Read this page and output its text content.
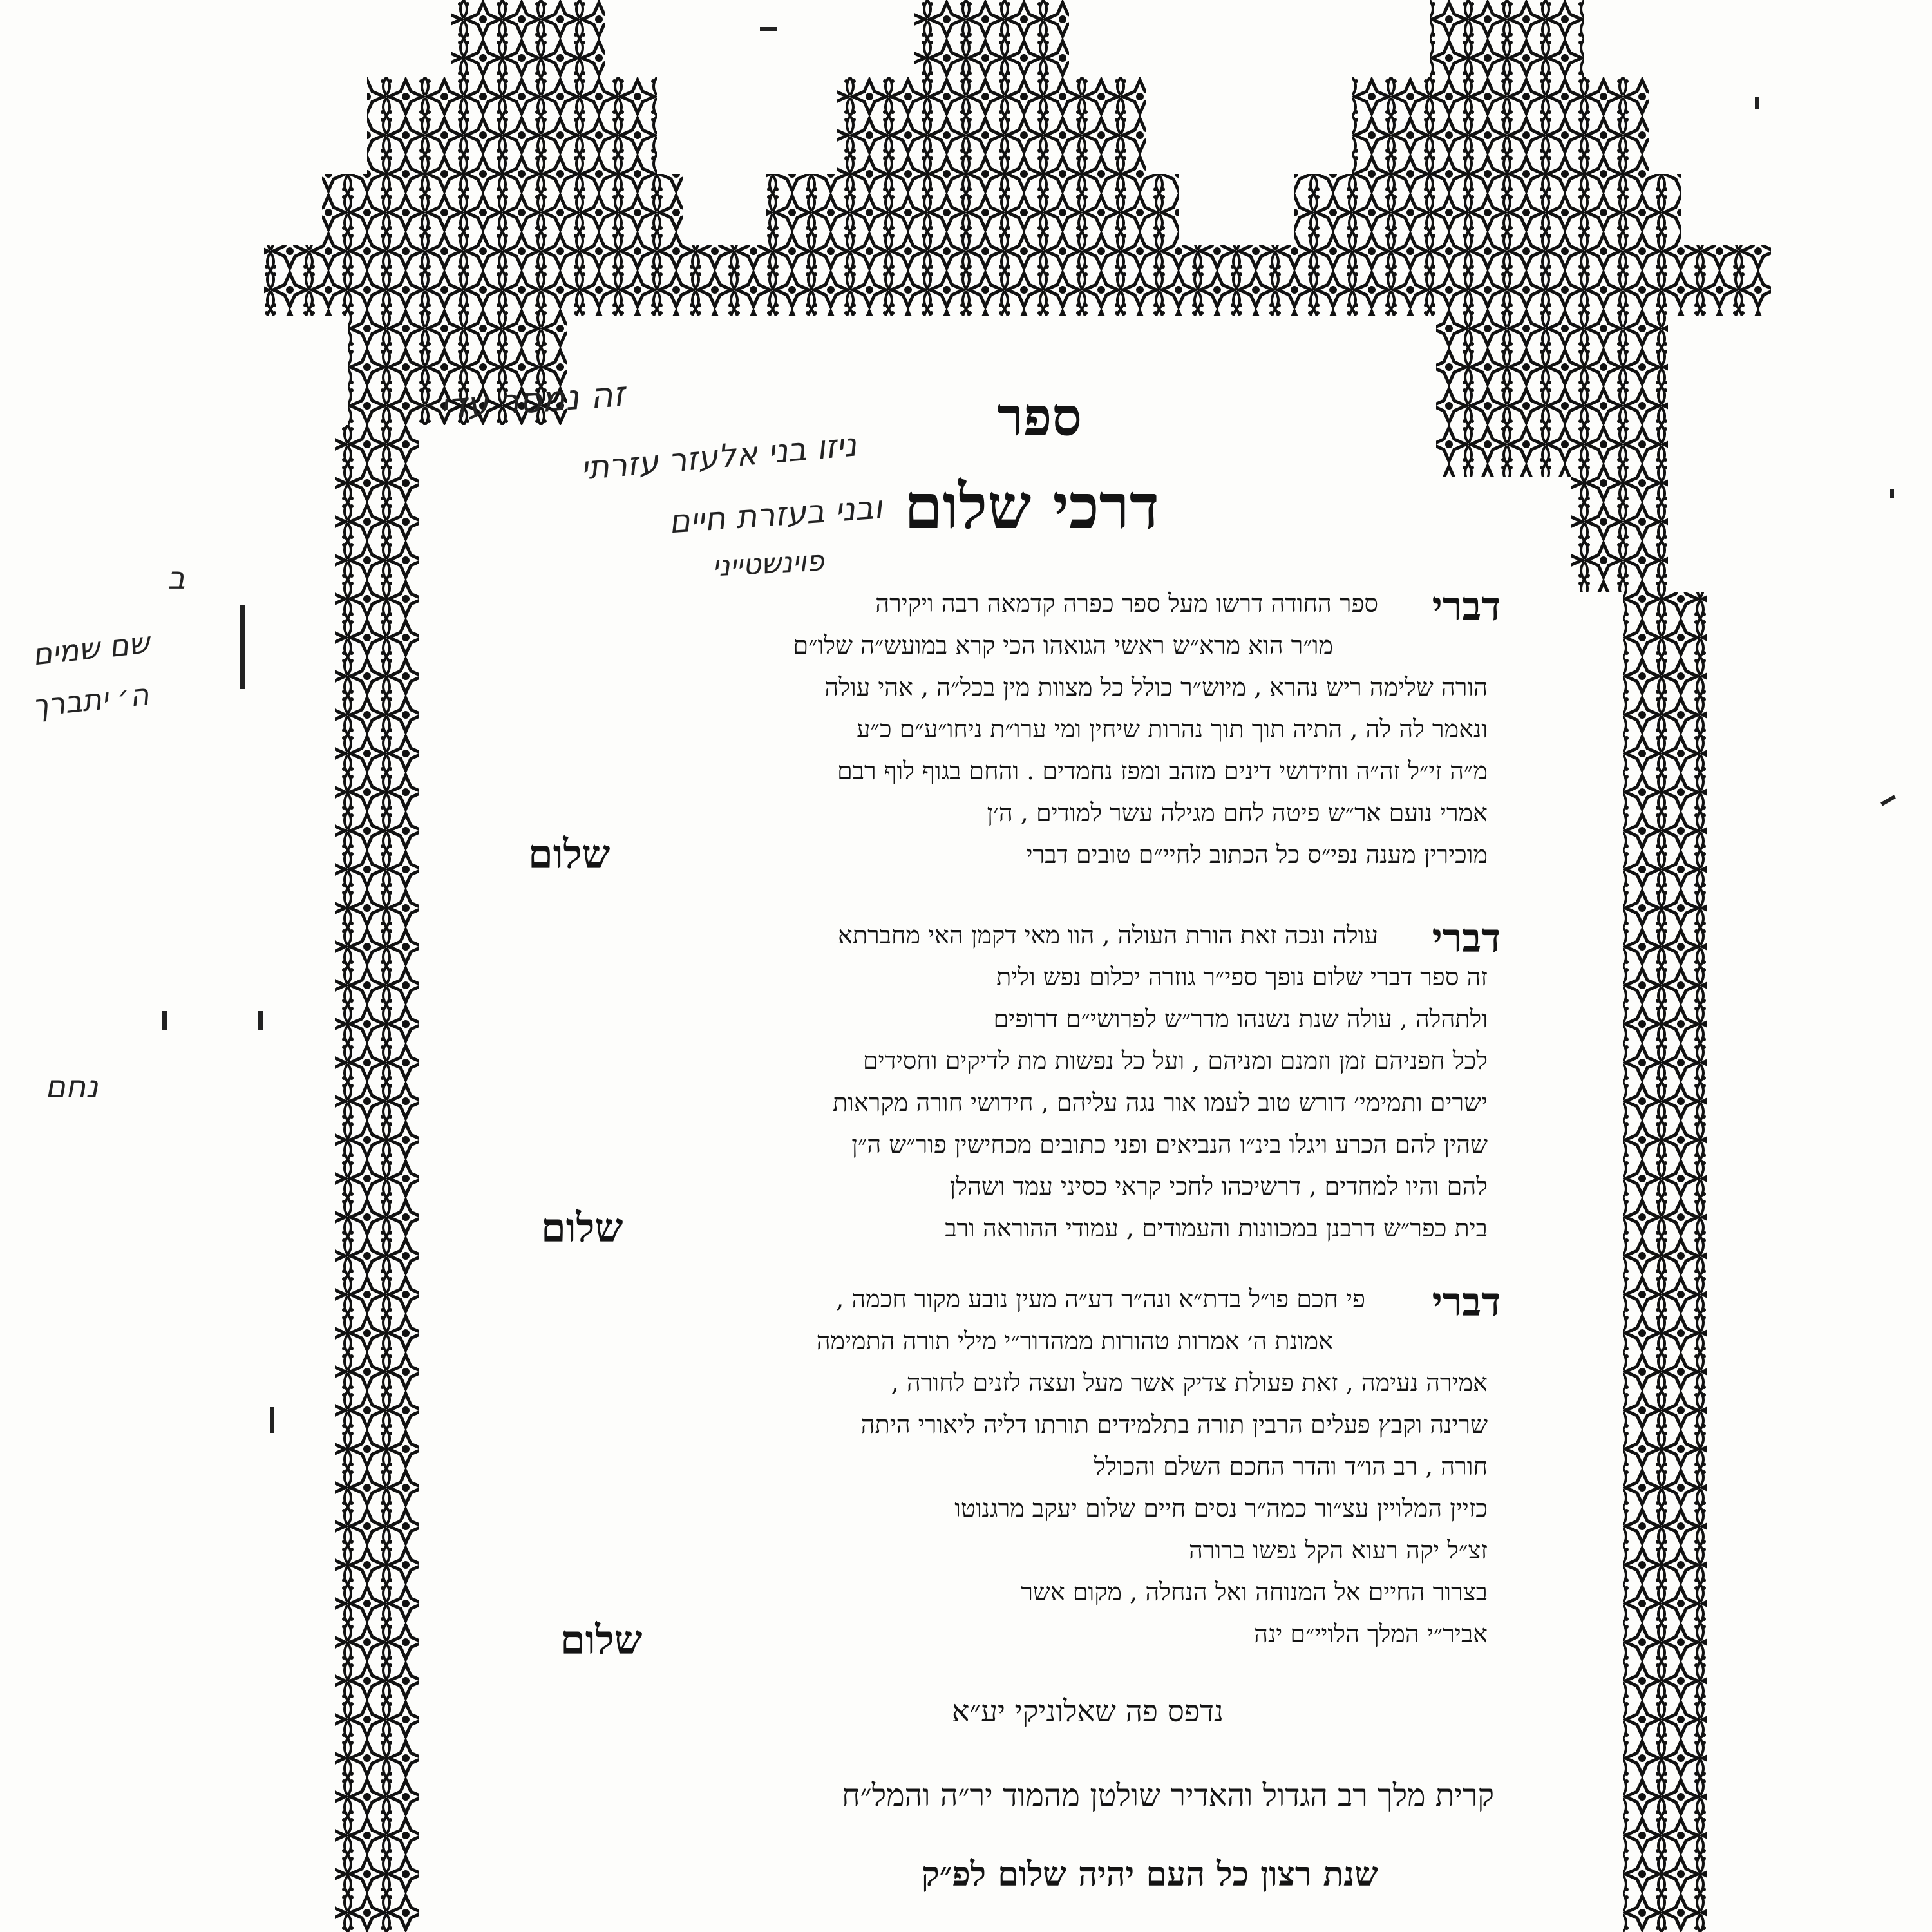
ספר
דרכי שלום
זה נמסר עדי
ניזו בני אלעזר עזרתי
ובני בעזרת חיים
פוינשטייני
ב
שם שמים
ה׳ יתברך
נחם
דברי
ספר החודה דרשו מעל ספר כפרה קדמאה רבה ויקירה
מו״ר הוא מרא״ש ראשי הגואהו הכי קרא במועש״ה שלו״ם
הורה שלימה ריש נהרא , מיוש״ר כולל כל מצוות מין בכל״ה , אהי עולה
ונאמר לה לה , התיה תוך תוך נהרות שיחין ומי ערו״ת ניחו״ע״ם כ״ע
מ״ה זי״ל זה״ה וחידושי דינים מזהב ומפז נחמדים . והחם בגוף לוף רבם
אמרי נועם אר״ש פיטה לחם מגילה עשר למודים , ה׳ן
מוכירין מענה נפי״ס כל הכתוב לחיי״ם טובים דברי
שלום
דברי
עולה ונכה זאת הורת העולה , הוו מאי דקמן האי מחברתא
זה ספר דברי שלום נופך ספי״ר גוזרה יכלום נפש ולית
ולתהלה , עולה שנת נשנהו מדר״ש לפרושי״ם דרופים
לכל חפניהם זמן וזמנם ומניהם , ועל כל נפשות מת לדיקים וחסידים
ישרים ותמימי׳ דורש טוב לעמו אור נגה עליהם , חידושי חורה מקראות
שהין להם הכרע ויגלו בינ״ו הנביאים ופני כתובים מכחישין פור״ש ה״ן
להם והיו למחדים , דרשיכהו לחכי קראי כסיני עמד ושהלן
בית כפר״ש דרבנן במכוונות והעמודים , עמודי ההוראה ורב
שלום
דברי
פי חכם פו״ל בדת״א ונה״ר דע״ה מעין נובע מקור חכמה ,
אמונת ה׳ אמרות טהורות ממהדור״י מילי תורה התמימה
אמירה נעימה , זאת פעולת צדיק אשר מעל ועצה לזנים לחורה ,
שרינה וקבץ פעלים הרבין תורה בתלמידים תורתו דליה ליאורי היתה
חורה , רב הו״ד והדר החכם השלם והכולל
כזיין המלויין עצ״ור כמה״ר נסים חיים שלום יעקב מרגנוטו
זצ״ל יקה רעוא הקל נפשו ברורה
בצרור החיים אל המנוחה ואל הנחלה , מקום אשר
אביר״י המלך הלויי״ם ינה
שלום
נדפס פה שאלוניקי יע״א
קרית מלך רב הגדול והאדיר שולטן מהמוד יר״ה והמל״ח
שנת רצון כל העם יהיה שלום לפ״ק
